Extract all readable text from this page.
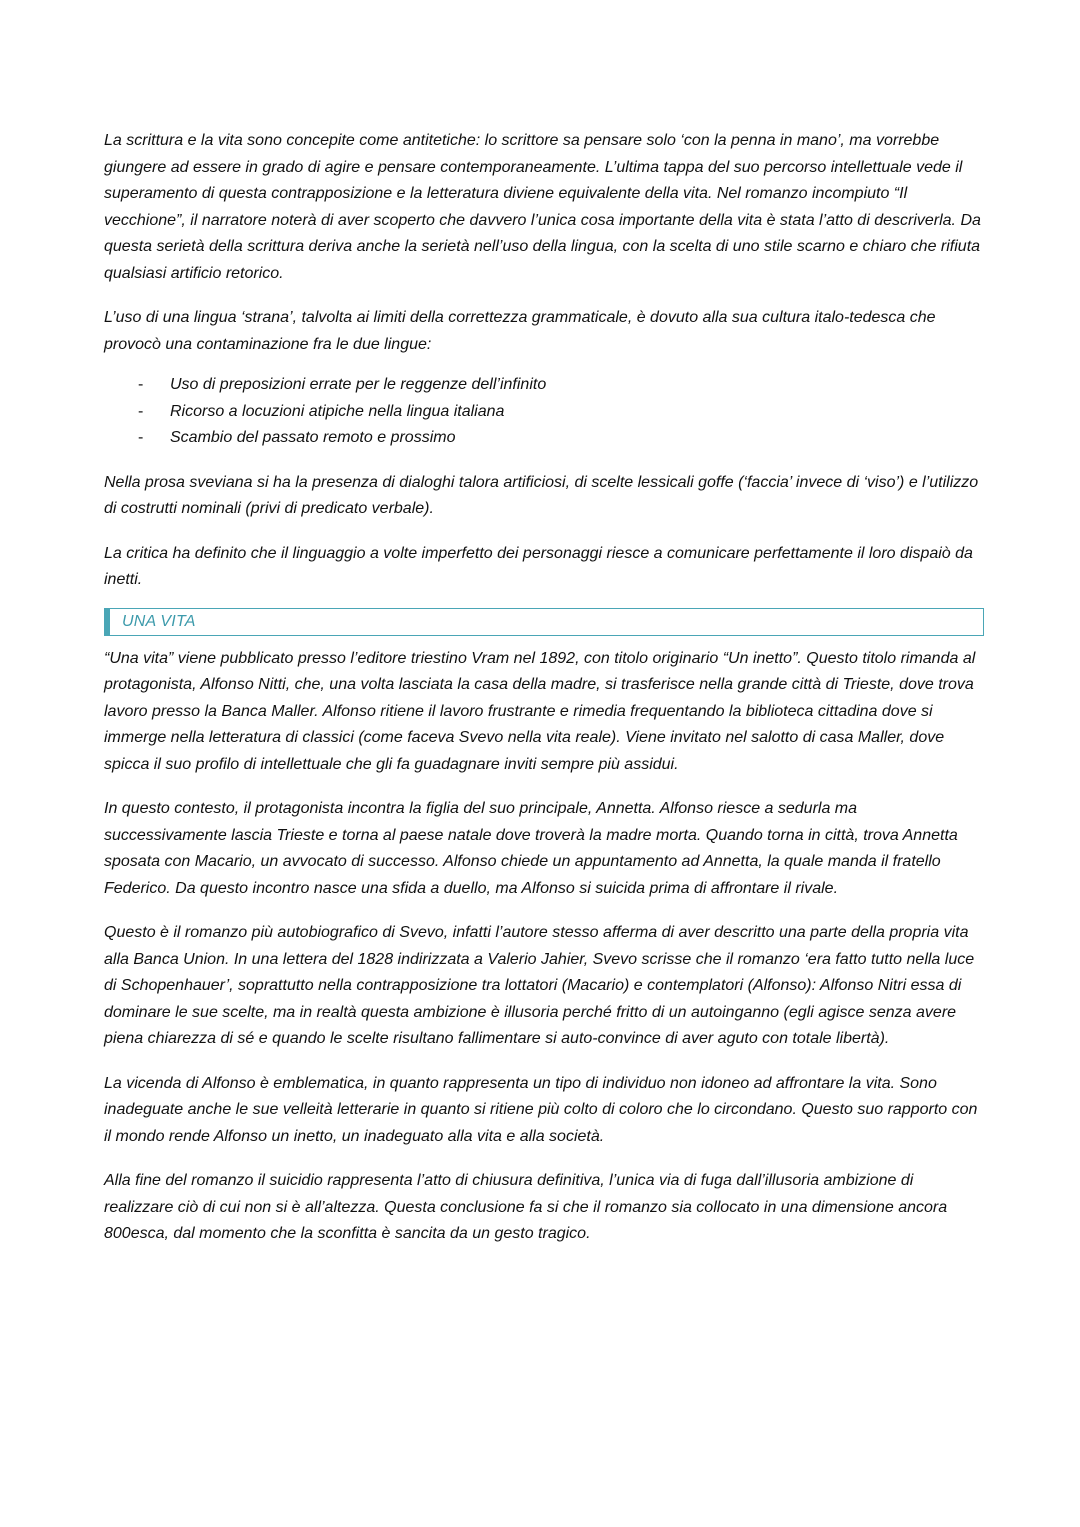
La scrittura e la vita sono concepite come antitetiche: lo scrittore sa pensare solo ‘con la penna in mano’, ma vorrebbe giungere ad essere in grado di agire e pensare contemporaneamente. L’ultima tappa del suo percorso intellettuale vede il superamento di questa contrapposizione e la letteratura diviene equivalente della vita. Nel romanzo incompiuto “Il vecchione”, il narratore noterà di aver scoperto che davvero l’unica cosa importante della vita è stata l’atto di descriverla. Da questa serietà della scrittura deriva anche la serietà nell’uso della lingua, con la scelta di uno stile scarno e chiaro che rifiuta qualsiasi artificio retorico.

L’uso di una lingua ‘strana’, talvolta ai limiti della correttezza grammaticale, è dovuto alla sua cultura italo-tedesca che provocò una contaminazione fra le due lingue:

- Uso di preposizioni errate per le reggenze dell’infinito
- Ricorso a locuzioni atipiche nella lingua italiana
- Scambio del passato remoto e prossimo

Nella prosa sveviana si ha la presenza di dialoghi talora artificiosi, di scelte lessicali goffe (‘faccia’ invece di ‘viso’) e l’utilizzo di costrutti nominali (privi di predicato verbale).

La critica ha definito che il linguaggio a volte imperfetto dei personaggi riesce a comunicare perfettamente il loro dispaiò da inetti.

UNA VITA

“Una vita” viene pubblicato presso l’editore triestino Vram nel 1892, con titolo originario “Un inetto”. Questo titolo rimanda al protagonista, Alfonso Nitti, che, una volta lasciata la casa della madre, si trasferisce nella grande città di Trieste, dove trova lavoro presso la Banca Maller. Alfonso ritiene il lavoro frustrante e rimedia frequentando la biblioteca cittadina dove si immerge nella letteratura di classici (come faceva Svevo nella vita reale). Viene invitato nel salotto di casa Maller, dove spicca il suo profilo di intellettuale che gli fa guadagnare inviti sempre più assidui.

In questo contesto, il protagonista incontra la figlia del suo principale, Annetta. Alfonso riesce a sedurla ma successivamente lascia Trieste e torna al paese natale dove troverà la madre morta. Quando torna in città, trova Annetta sposata con Macario, un avvocato di successo. Alfonso chiede un appuntamento ad Annetta, la quale manda il fratello Federico. Da questo incontro nasce una sfida a duello, ma Alfonso si suicida prima di affrontare il rivale.

Questo è il romanzo più autobiografico di Svevo, infatti l’autore stesso afferma di aver descritto una parte della propria vita alla Banca Union. In una lettera del 1828 indirizzata a Valerio Jahier, Svevo scrisse che il romanzo ‘era fatto tutto nella luce di Schopenhauer’, soprattutto nella contrapposizione tra lottatori (Macario) e contemplatori (Alfonso): Alfonso Nitri essa di dominare le sue scelte, ma in realtà questa ambizione è illusoria perché fritto di un autoinganno (egli agisce senza avere piena chiarezza di sé e quando le scelte risultano fallimentare si auto-convince di aver aguto con totale libertà).

La vicenda di Alfonso è emblematica, in quanto rappresenta un tipo di individuo non idoneo ad affrontare la vita. Sono inadeguate anche le sue velleità letterarie in quanto si ritiene più colto di coloro che lo circondano. Questo suo rapporto con il mondo rende Alfonso un inetto, un inadeguato alla vita e alla società.

Alla fine del romanzo il suicidio rappresenta l’atto di chiusura definitiva, l’unica via di fuga dall’illusoria ambizione di realizzare ciò di cui non si è all’altezza. Questa conclusione fa si che il romanzo sia collocato in una dimensione ancora 800esca, dal momento che la sconfitta è sancita da un gesto tragico.
